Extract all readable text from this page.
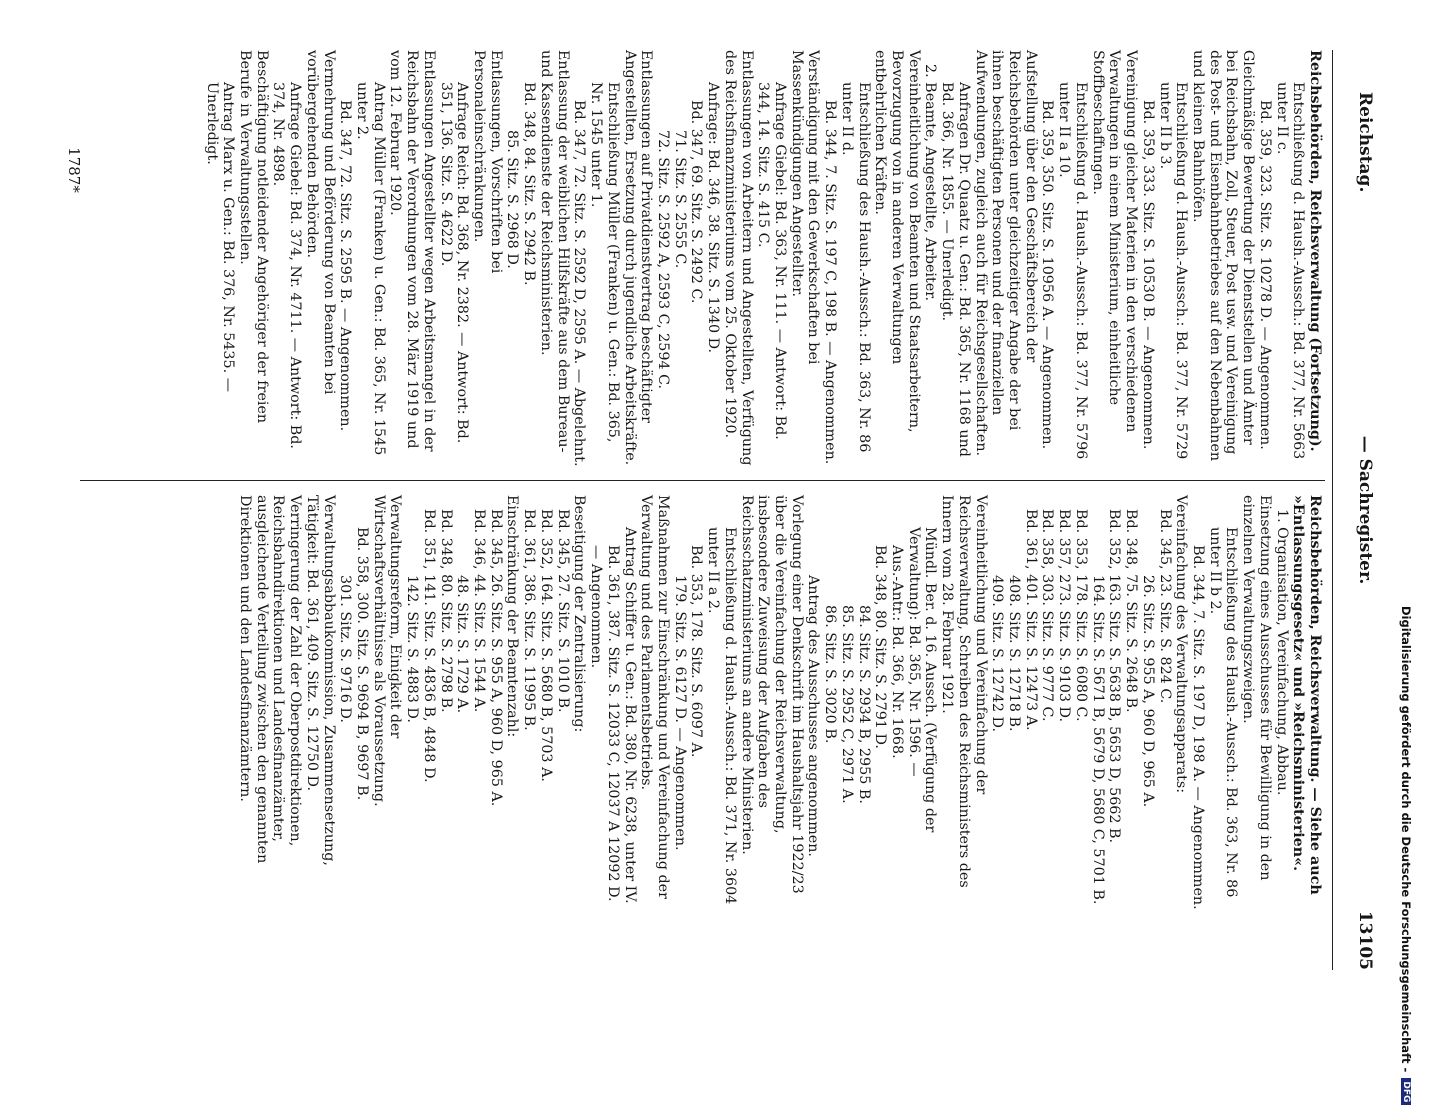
— Sachregister.
Reichstag.
13105

Reichsbehörden, Reichsverwaltung (Fortsetzung).

Entschließung d. Haush.-Aussch.: Bd. 377, Nr. 5663 unter II c.

Bd. 359, 323. Sitz. S. 10278 D. — Angenommen.

Gleichmäßige Bewertung der Dienststellen und Ämter bei Reichsbahn, Zoll, Steuer, Post usw. und Vereinigung des Post- und Eisenbahnbetriebes auf den Nebenbahnen und kleinen Bahnhöfen.

Entschließung d. Haush.-Aussch.: Bd. 377, Nr. 5729 unter II b 3.

Bd. 359, 333. Sitz. S. 10530 B. — Angenommen.

Vereinigung gleicher Materien in den verschiedenen Verwaltungen in einem Ministerium, einheitliche Stoffbeschaffungen.

Entschließung d. Haush.-Aussch.: Bd. 377, Nr. 5796 unter II a 10.

Bd. 359, 350. Sitz. S. 10956 A. — Angenommen.

Aufstellung über den Geschäftsbereich der Reichsbehörden unter gleichzeitiger Angabe der bei ihnen beschäftigten Personen und der finanziellen Aufwendungen, zugleich auch für Reichsgesellschaften.

Anfragen Dr. Quaatz u. Gen.: Bd. 365, Nr. 1168 und Bd. 366, Nr. 1855. — Unerledigt.

2. Beamte, Angestellte, Arbeiter.

Vereinheitlichung von Beamten und Staatsarbeitern, Bevorzugung von in anderen Verwaltungen entbehrlichen Kräften.

Entschließung des Haush.-Aussch.: Bd. 363, Nr. 86 unter II d.

Bd. 344, 7. Sitz. S. 197 C, 198 B. — Angenommen.

Verständigung mit den Gewerkschaften bei Massenkündigungen Angestellter.

Anfrage Giebel: Bd. 363, Nr. 111. — Antwort: Bd. 344, 14. Sitz. S. 415 C.

Entlassungen von Arbeitern und Angestellten, Verfügung des Reichsfinanzministeriums vom 25. Oktober 1920.

Anfrage: Bd. 346, 38. Sitz. S. 1340 D.

Bd. 347, 69. Sitz. S. 2492 C.

71. Sitz. S. 2555 C.

72. Sitz. S. 2592 A, 2593 C, 2594 C.

Entlassungen auf Privatdienstvertrag beschäftigter Angestellten, Ersetzung durch jugendliche Arbeitskräfte.

Entschließung Müller (Franken) u. Gen.: Bd. 365, Nr. 1545 unter 1.

Bd. 347, 72. Sitz. S. 2592 D, 2595 A. — Abgelehnt.

Entlassung der weiblichen Hilfskräfte aus dem Bureau- und Kassendienste der Reichsministerien.

Bd. 348, 84. Sitz. S. 2942 B.

85. Sitz. S. 2968 D.

Entlassungen, Vorschriften bei Personaleinschränkungen.

Anfrage Reich: Bd. 368, Nr. 2382. — Antwort: Bd. 351, 136. Sitz. S. 4622 D.

Entlassungen Angestellter wegen Arbeitsmangel in der Reichsbahn der Verordnungen vom 28. März 1919 und vom 12. Februar 1920.

Antrag Müller (Franken) u. Gen.: Bd. 365, Nr. 1545 unter 2.

Bd. 347, 72. Sitz. S. 2595 B. — Angenommen.

Vermehrung und Beförderung von Beamten bei vorübergehenden Behörden.

Anfrage Giebel: Bd. 374, Nr. 4711. — Antwort: Bd. 374, Nr. 4898.

Beschäftigung notleidender Angehöriger der freien Berufe in Verwaltungsstellen.

Antrag Marx u. Gen.: Bd. 376, Nr. 5435. — Unerledigt.

Reichsbehörden, Reichsverwaltung. — Siehe auch »Entlassungsgesetz« und »Reichsministerien«.

1. Organisation, Vereinfachung, Abbau.

Einsetzung eines Ausschusses für Bewilligung in den einzelnen Verwaltungszweigen.

Entschließung des Haush.-Aussch.: Bd. 363, Nr. 86 unter II b 2.

Bd. 344, 7. Sitz. S. 197 D, 198 A. — Angenommen.

Vereinfachung des Verwaltungsapparats:

Bd. 345, 23. Sitz. S. 824 C.

26. Sitz. S. 955 A, 960 D, 965 A.

Bd. 348, 75. Sitz. S. 2648 B.

Bd. 352, 163. Sitz. S. 5638 B, 5653 D, 5662 B.

164. Sitz. S. 5671 B, 5679 D, 5680 C, 5701 B.

Bd. 353, 178. Sitz. S. 6080 C.

Bd. 357, 273. Sitz. S. 9103 D.

Bd. 358, 303. Sitz. S. 9777 C.

Bd. 361, 401. Sitz. S. 12473 A.

408. Sitz. S. 12718 B.

409. Sitz. S. 12742 D.

Vereinheitlichung und Vereinfachung der Reichsverwaltung, Schreiben des Reichsministers des Innern vom 28. Februar 1921.

Mündl. Ber. d. 16. Aussch. (Verfügung der Verwaltung): Bd. 365, Nr. 1596. —

Aus.-Antr.: Bd. 366, Nr. 1668.

Bd. 348, 80. Sitz. S. 2791 D.

84. Sitz. S. 2934 B, 2955 B.

85. Sitz. S. 2952 C, 2971 A.

86. Sitz. S. 3020 B.

Antrag des Ausschusses angenommen.

Vorlegung einer Denkschrift im Haushaltsjahr 1922/23 über die Vereinfachung der Reichsverwaltung, insbesondere Zuweisung der Aufgaben des Reichsschatzministeriums an andere Ministerien.

Entschließung d. Haush.-Aussch.: Bd. 371, Nr. 3604 unter II a 2.

Bd. 353, 178. Sitz. S. 6097 A.

179. Sitz. S. 6127 D. — Angenommen.

Maßnahmen zur Einschränkung und Vereinfachung der Verwaltung und des Parlamentsbetriebs.

Antrag Schiffer u. Gen.: Bd. 380, Nr. 6238, unter IV.

Bd. 361, 387. Sitz. S. 12033 C, 12037 A 12092 D. — Angenommen.

Beseitigung der Zentralisierung:

Bd. 345, 27. Sitz. S. 1010 B.

Bd. 352, 164. Sitz. S. 5680 B, 5703 A.

Bd. 361, 386. Sitz. S. 11995 B.

Einschränkung der Beamtenzahl:

Bd. 345, 26. Sitz. S. 955 A, 960 D, 965 A.

Bd. 346, 44. Sitz. S. 1544 A.

48. Sitz. S. 1729 A.

Bd. 348, 80. Sitz. S. 2798 B.

Bd. 351, 141. Sitz. S. 4836 B, 4848 D.

142. Sitz. S. 4883 D.

Verwaltungsreform, Einigkeit der Wirtschaftsverhältnisse als Voraussetzung.

Bd. 358, 300. Sitz. S. 9694 B, 9697 B.

301. Sitz. S. 9716 D.

Verwaltungsabbaukommission, Zusammensetzung, Tätigkeit: Bd. 361, 409. Sitz. S. 12750 D.

Verringerung der Zahl der Oberpostdirektionen, Reichsbahndirektionen und Landesfinanzämter, ausgleichende Verteilung zwischen den genannten Direktionen und den Landesfinanzämtern.

1787*
Digitalisierung gefördert durch die Deutsche Forschungsgemeinschaft -
DFG
